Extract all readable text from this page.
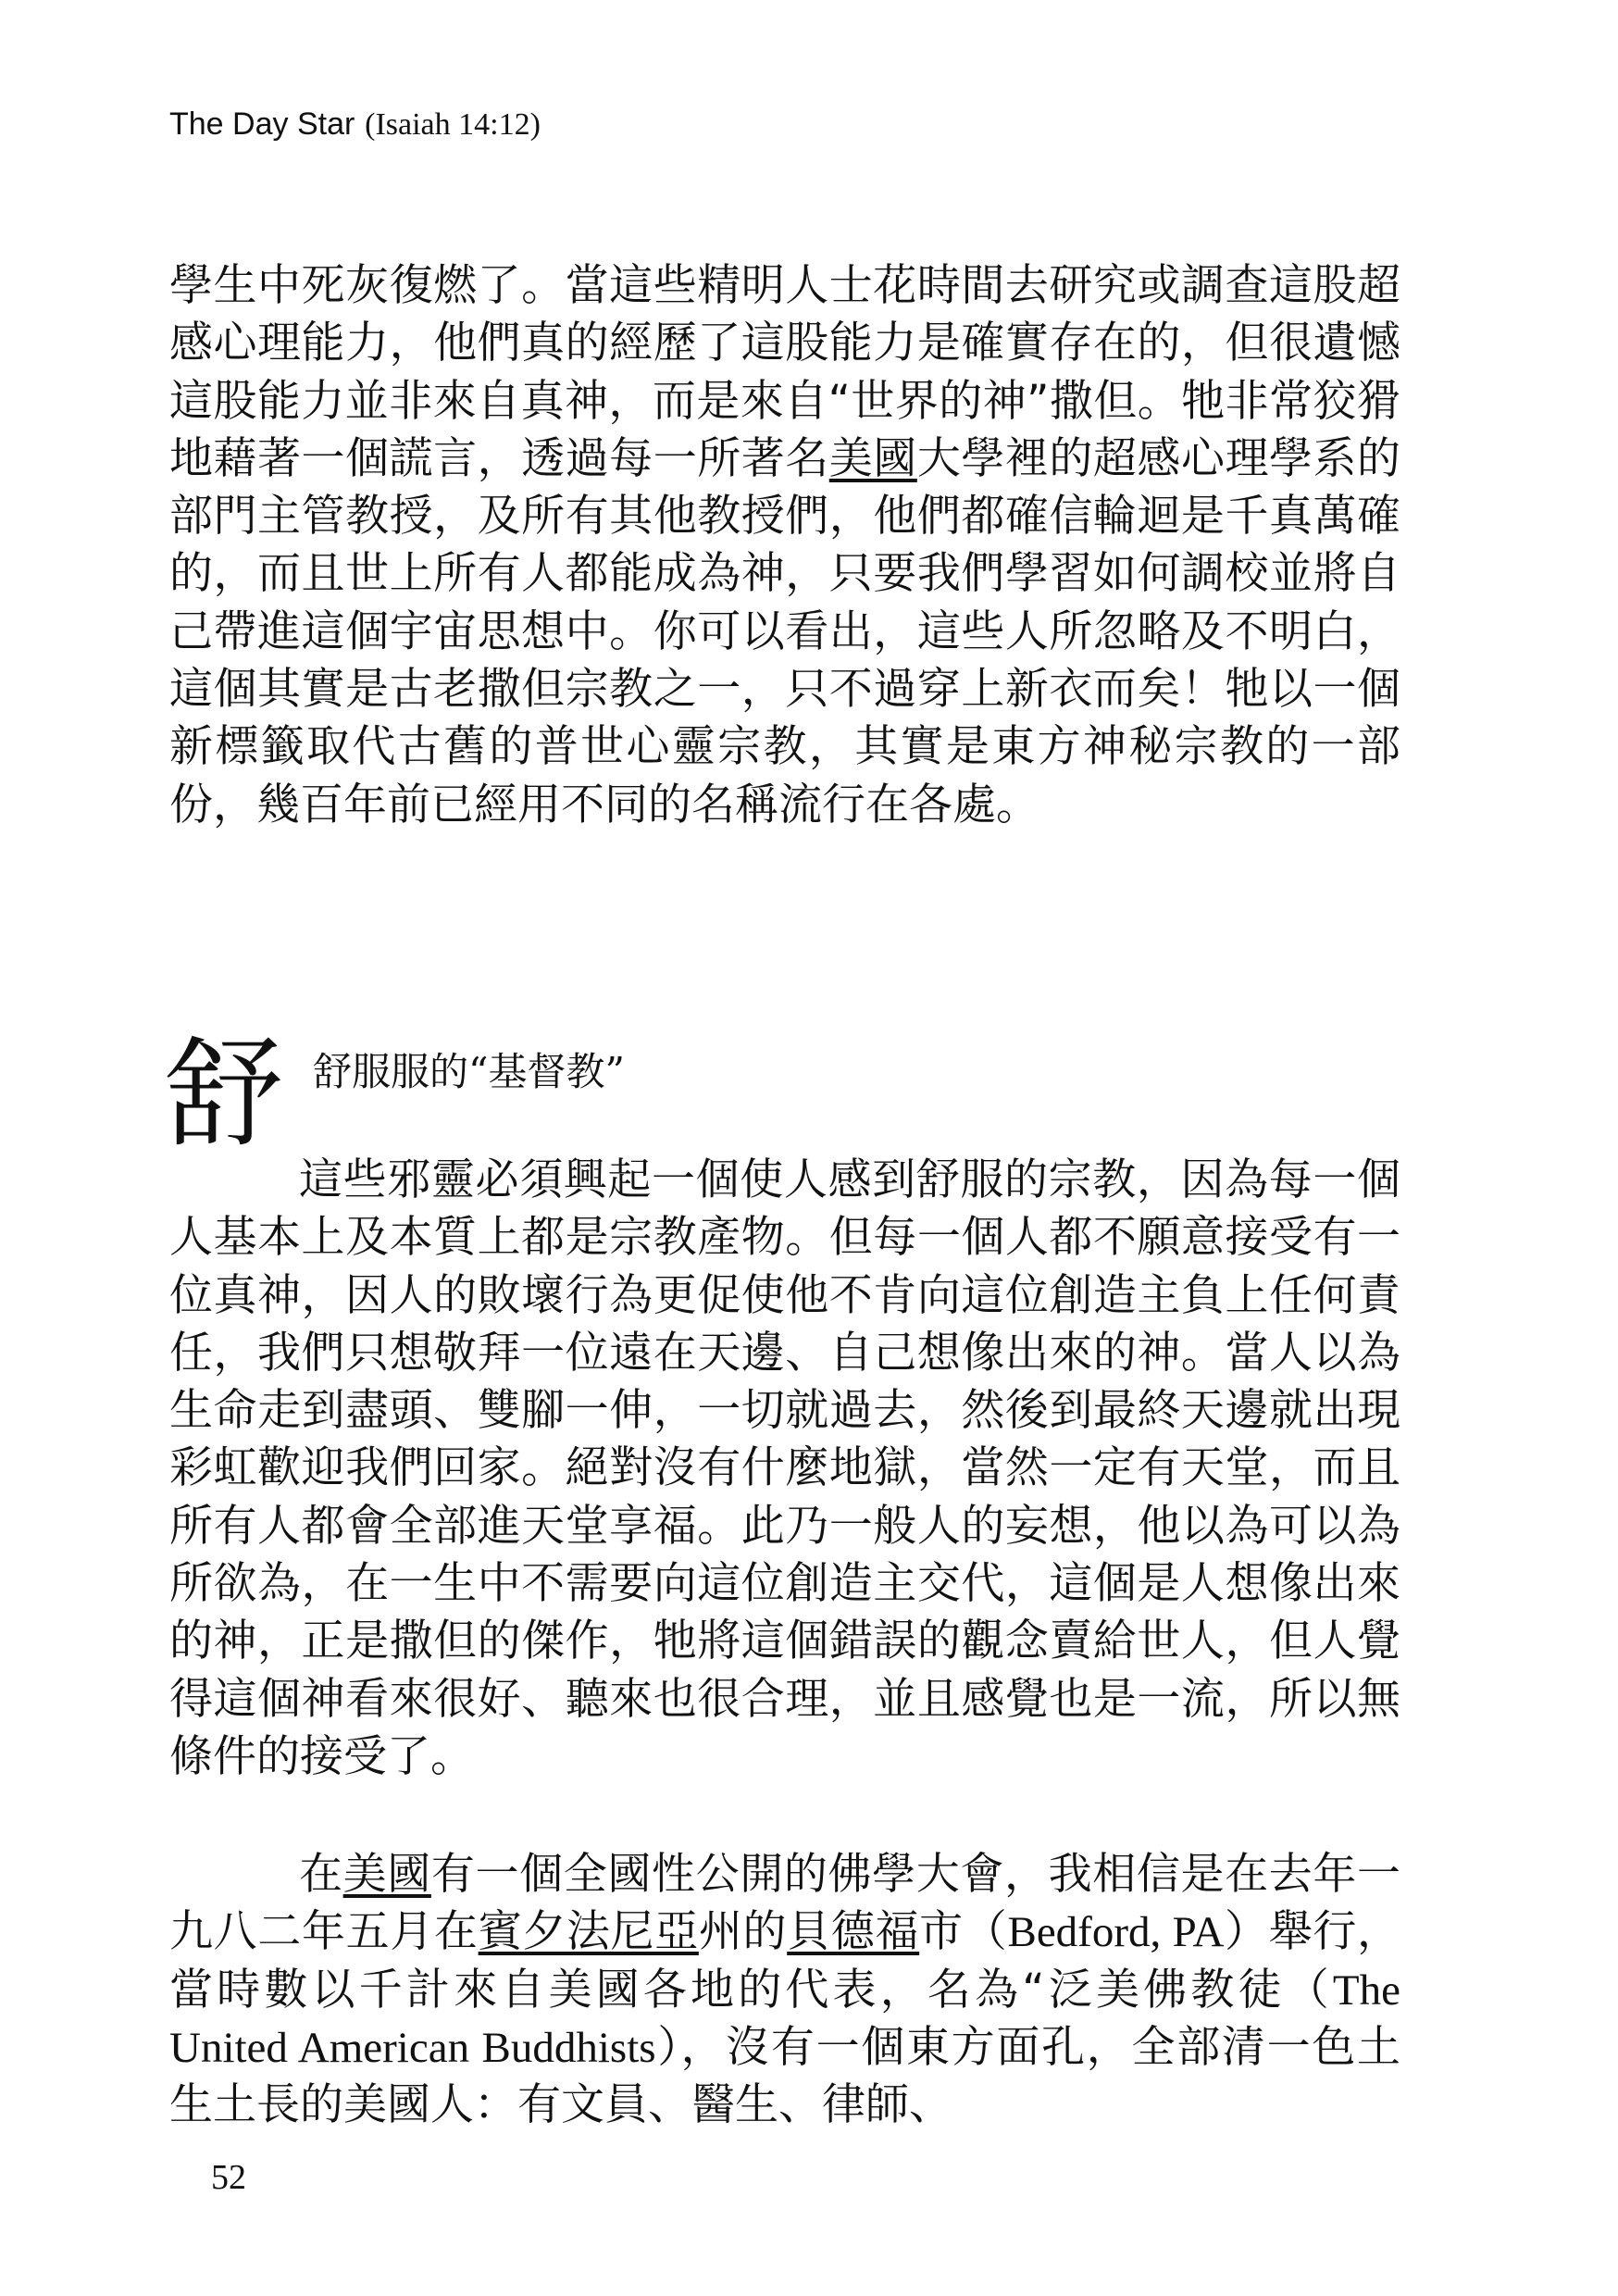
The Day Star (Isaiah 14:12)
學生中死灰復燃了。當這些精明人士花時間去研究或調查這股超感心理能力，他們真的經歷了這股能力是確實存在的，但很遺憾這股能力並非來自真神，而是來自“世界的神”撒但。牠非常狡猾地藉著一個謊言，透過每一所著名美國大學裡的超感心理學系的部門主管教授，及所有其他教授們，他們都確信輪迴是千真萬確的，而且世上所有人都能成為神，只要我們學習如何調校並將自己帶進這個宇宙思想中。你可以看出，這些人所忽略及不明白，這個其實是古老撒但宗教之一，只不過穿上新衣而矣！牠以一個新標籤取代古舊的普世心靈宗教，其實是東方神秘宗教的一部份，幾百年前已經用不同的名稱流行在各處。
舒 舒服服的“基督教”
這些邪靈必須興起一個使人感到舒服的宗教，因為每一個人基本上及本質上都是宗教產物。但每一個人都不願意接受有一位真神，因人的敗壞行為更促使他不肯向這位創造主負上任何責任，我們只想敬拜一位遠在天邊、自己想像出來的神。當人以為生命走到盡頭、雙腳一伸，一切就過去，然後到最終天邊就出現彩虹歡迎我們回家。絕對沒有什麼地獄，當然一定有天堂，而且所有人都會全部進天堂享福。此乃一般人的妄想，他以為可以為所欲為，在一生中不需要向這位創造主交代，這個是人想像出來的神，正是撒但的傑作，牠將這個錯誤的觀念賣給世人，但人覺得這個神看來很好、聽來也很合理，並且感覺也是一流，所以無條件的接受了。
在美國有一個全國性公開的佛學大會，我相信是在去年一九八二年五月在賓夕法尼亞州的貝德福市（Bedford, PA）舉行，當時數以千計來自美國各地的代表，名為“泛美佛教徒（The United American Buddhists），沒有一個東方面孔，全部清一色土生土長的美國人：有文員、醫生、律師、
52
